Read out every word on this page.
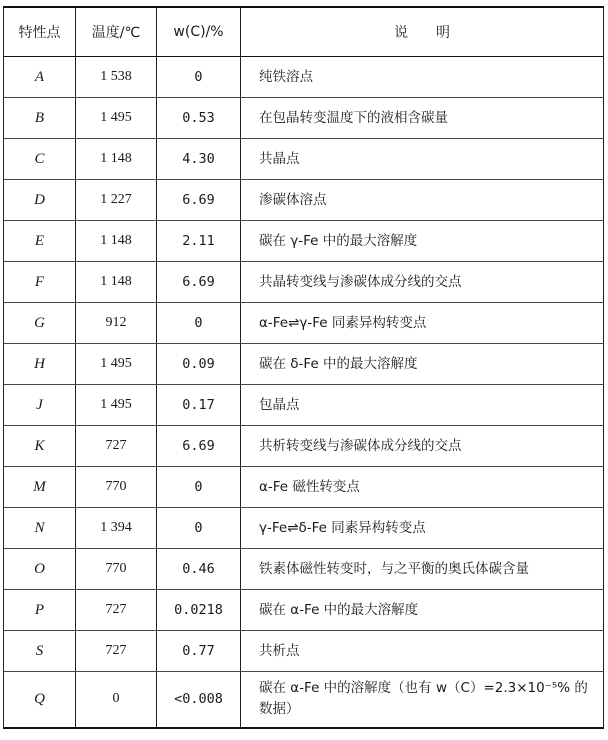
特性点	温度/℃	w(C)/%	说明
A	1 538	0	纯铁溶点
B	1 495	0.53	在包晶转变温度下的液相含碳量
C	1 148	4.30	共晶点
D	1 227	6.69	渗碳体溶点
E	1 148	2.11	碳在 γ-Fe 中的最大溶解度
F	1 148	6.69	共晶转变线与渗碳体成分线的交点
G	912	0	α-Fe⇌γ-Fe 同素异构转变点
H	1 495	0.09	碳在 δ-Fe 中的最大溶解度
J	1 495	0.17	包晶点
K	727	6.69	共析转变线与渗碳体成分线的交点
M	770	0	α-Fe 磁性转变点
N	1 394	0	γ-Fe⇌δ-Fe 同素异构转变点
O	770	0.46	铁素体磁性转变时，与之平衡的奥氏体碳含量
P	727	0.0218	碳在 α-Fe 中的最大溶解度
S	727	0.77	共析点
Q	0	<0.008	碳在 α-Fe 中的溶解度（也有 w（C）=2.3×10⁻⁵% 的数据）
